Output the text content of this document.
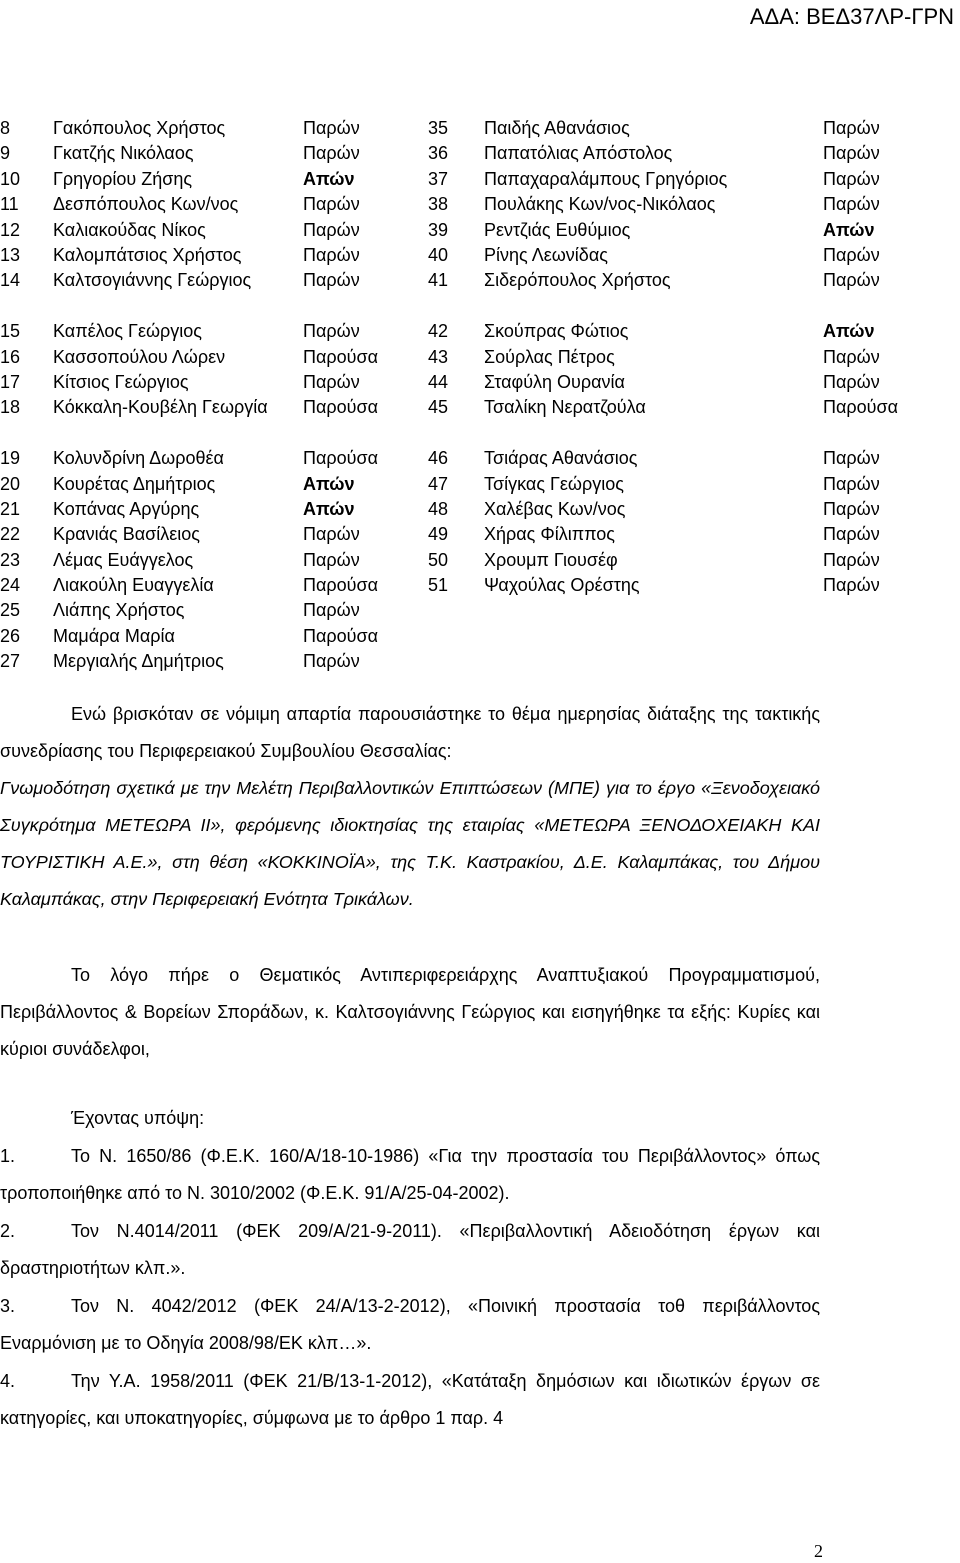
ΑΔΑ: ΒΕΔ37ΛΡ-ΓΡΝ
8 Γακόπουλος Χρήστος	Παρών	35 Παιδής Αθανάσιος	Παρών
9 Γκατζής Νικόλαος	Παρών	36 Παπατόλιας Απόστολος	Παρών
10 Γρηγορίου Ζήσης	Απών	37 Παπαχαραλάμπους Γρηγόριος	Παρών
11 Δεσπόπουλος Κων/νος	Παρών	38 Πουλάκης Κων/νος-Νικόλαος	Παρών
12 Καλιακούδας Νίκος	Παρών	39 Ρεντζιάς Ευθύμιος	Απών
13 Καλομπάτσιος Χρήστος	Παρών	40 Ρίνης Λεωνίδας	Παρών
14 Καλτσογιάννης Γεώργιος	Παρών	41 Σιδερόπουλος Χρήστος	Παρών
15 Καπέλος Γεώργιος	Παρών	42 Σκούπρας Φώτιος	Απών
16 Κασσοπούλου Λώρεν	Παρούσα	43 Σούρλας Πέτρος	Παρών
17 Κίτσιος Γεώργιος	Παρών	44 Σταφύλη Ουρανία	Παρών
18 Κόκκαλη-Κουβέλη Γεωργία	Παρούσα	45 Τσαλίκη Νερατζούλα	Παρούσα
19 Κολυνδρίνη Δωροθέα	Παρούσα	46 Τσιάρας Αθανάσιος	Παρών
20 Κουρέτας Δημήτριος	Απών	47 Τσίγκας Γεώργιος	Παρών
21 Κοπάνας Αργύρης	Απών	48 Χαλέβας Κων/νος	Παρών
22 Κρανιάς Βασίλειος	Παρών	49 Χήρας Φίλιππος	Παρών
23 Λέμας Ευάγγελος	Παρών	50 Χρουμπ Γιουσέφ	Παρών
24 Λιακούλη Ευαγγελία	Παρούσα	51 Ψαχούλας Ορέστης	Παρών
25 Λιάπης Χρήστος	Παρών
26 Μαμάρα Μαρία	Παρούσα
27 Μεργιαλής Δημήτριος	Παρών

Ενώ βρισκόταν σε νόμιμη απαρτία παρουσιάστηκε το θέμα ημερησίας διάταξης της τακτικής συνεδρίασης του Περιφερειακού Συμβουλίου Θεσσαλίας:

Γνωμοδότηση σχετικά με την Μελέτη Περιβαλλοντικών Επιπτώσεων (ΜΠΕ) για το έργο «Ξενοδοχειακό Συγκρότημα ΜΕΤΕΩΡΑ ΙΙ», φερόμενης ιδιοκτησίας της εταιρίας «ΜΕΤΕΩΡΑ ΞΕΝΟΔΟΧΕΙΑΚΗ ΚΑΙ ΤΟΥΡΙΣΤΙΚΗ Α.Ε.», στη θέση «ΚΟΚΚΙΝΟΪΑ», της Τ.Κ. Καστρακίου, Δ.Ε. Καλαμπάκας, του Δήμου Καλαμπάκας, στην Περιφερειακή Ενότητα Τρικάλων.

Το λόγο πήρε ο Θεματικός Αντιπεριφερειάρχης Αναπτυξιακού Προγραμματισμού, Περιβάλλοντος & Βορείων Σποράδων, κ. Καλτσογιάννης Γεώργιος και εισηγήθηκε τα εξής: Κυρίες και κύριοι συνάδελφοι,

Έχοντας υπόψη:

1.	Το Ν. 1650/86 (Φ.Ε.Κ. 160/Α/18-10-1986) «Για την προστασία του Περιβάλλοντος» όπως τροποποιήθηκε από το Ν. 3010/2002 (Φ.Ε.Κ. 91/Α/25-04-2002).

2.	Τον Ν.4014/2011 (ΦΕΚ 209/Α/21-9-2011). «Περιβαλλοντική Αδειοδότηση έργων και δραστηριοτήτων κλπ.».

3.	Τον Ν. 4042/2012 (ΦΕΚ 24/Α/13-2-2012), «Ποινική προστασία τοθ περιβάλλοντος Εναρμόνιση με το Οδηγία 2008/98/ΕΚ κλπ…».

4.	Την Υ.Α. 1958/2011 (ΦΕΚ 21/Β/13-1-2012), «Κατάταξη δημόσιων και ιδιωτικών έργων σε κατηγορίες, και υποκατηγορίες, σύμφωνα με το άρθρο 1 παρ. 4

2
